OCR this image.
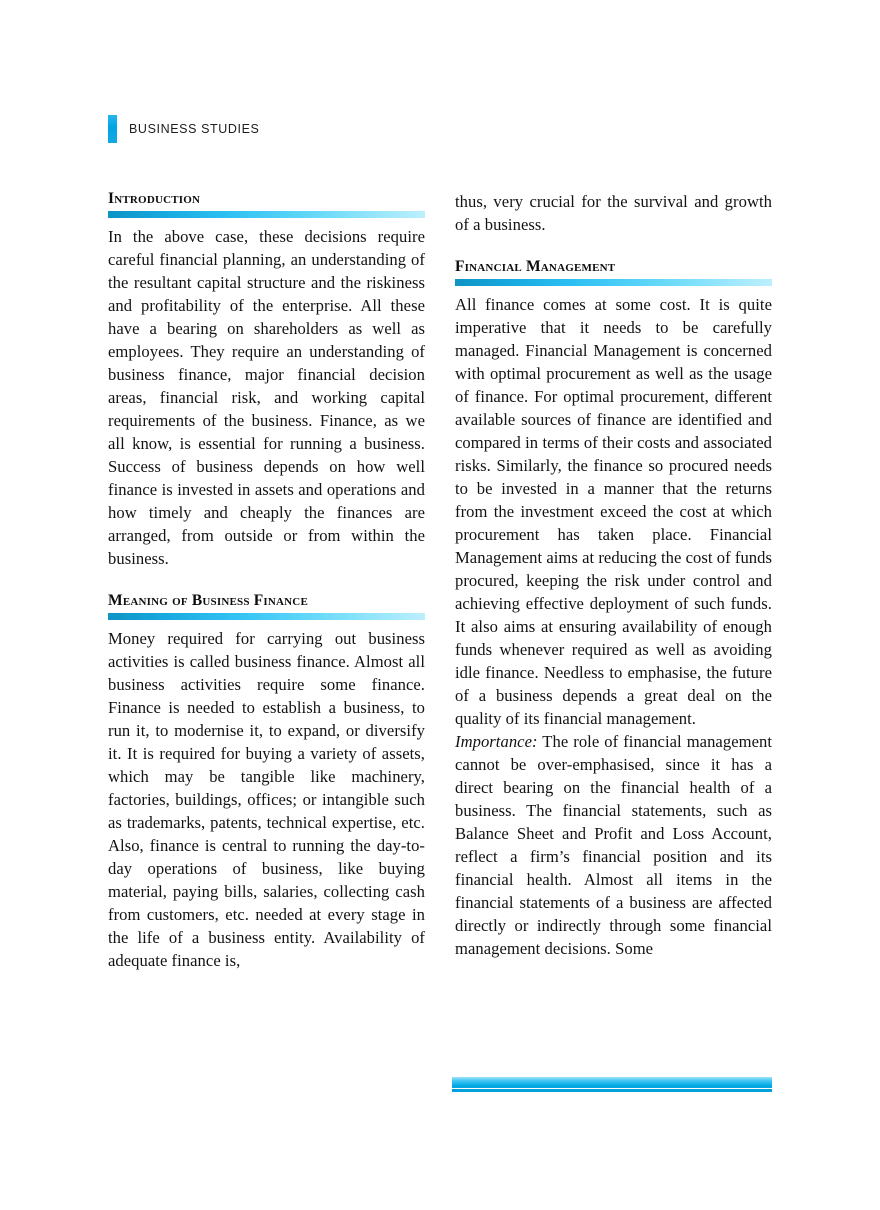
BUSINESS STUDIES
Introduction

In the above case, these decisions require careful financial planning, an understanding of the resultant capital structure and the riskiness and profitability of the enterprise. All these have a bearing on shareholders as well as employees. They require an understanding of business finance, major financial decision areas, financial risk, and working capital requirements of the business. Finance, as we all know, is essential for running a business. Success of business depends on how well finance is invested in assets and operations and how timely and cheaply the finances are arranged, from outside or from within the business.

Meaning of Business Finance

Money required for carrying out business activities is called business finance. Almost all business activities require some finance. Finance is needed to establish a business, to run it, to modernise it, to expand, or diversify it. It is required for buying a variety of assets, which may be tangible like machinery, factories, buildings, offices; or intangible such as trademarks, patents, technical expertise, etc. Also, finance is central to running the day-to-day operations of business, like buying material, paying bills, salaries, collecting cash from customers, etc. needed at every stage in the life of a business entity. Availability of adequate finance is,

thus, very crucial for the survival and growth of a business.

Financial Management

All finance comes at some cost. It is quite imperative that it needs to be carefully managed. Financial Management is concerned with optimal procurement as well as the usage of finance. For optimal procurement, different available sources of finance are identified and compared in terms of their costs and associated risks. Similarly, the finance so procured needs to be invested in a manner that the returns from the investment exceed the cost at which procurement has taken place. Financial Management aims at reducing the cost of funds procured, keeping the risk under control and achieving effective deployment of such funds. It also aims at ensuring availability of enough funds whenever required as well as avoiding idle finance. Needless to emphasise, the future of a business depends a great deal on the quality of its financial management.

Importance: The role of financial management cannot be over-emphasised, since it has a direct bearing on the financial health of a business. The financial statements, such as Balance Sheet and Profit and Loss Account, reflect a firm’s financial position and its financial health. Almost all items in the financial statements of a business are affected directly or indirectly through some financial management decisions. Some
